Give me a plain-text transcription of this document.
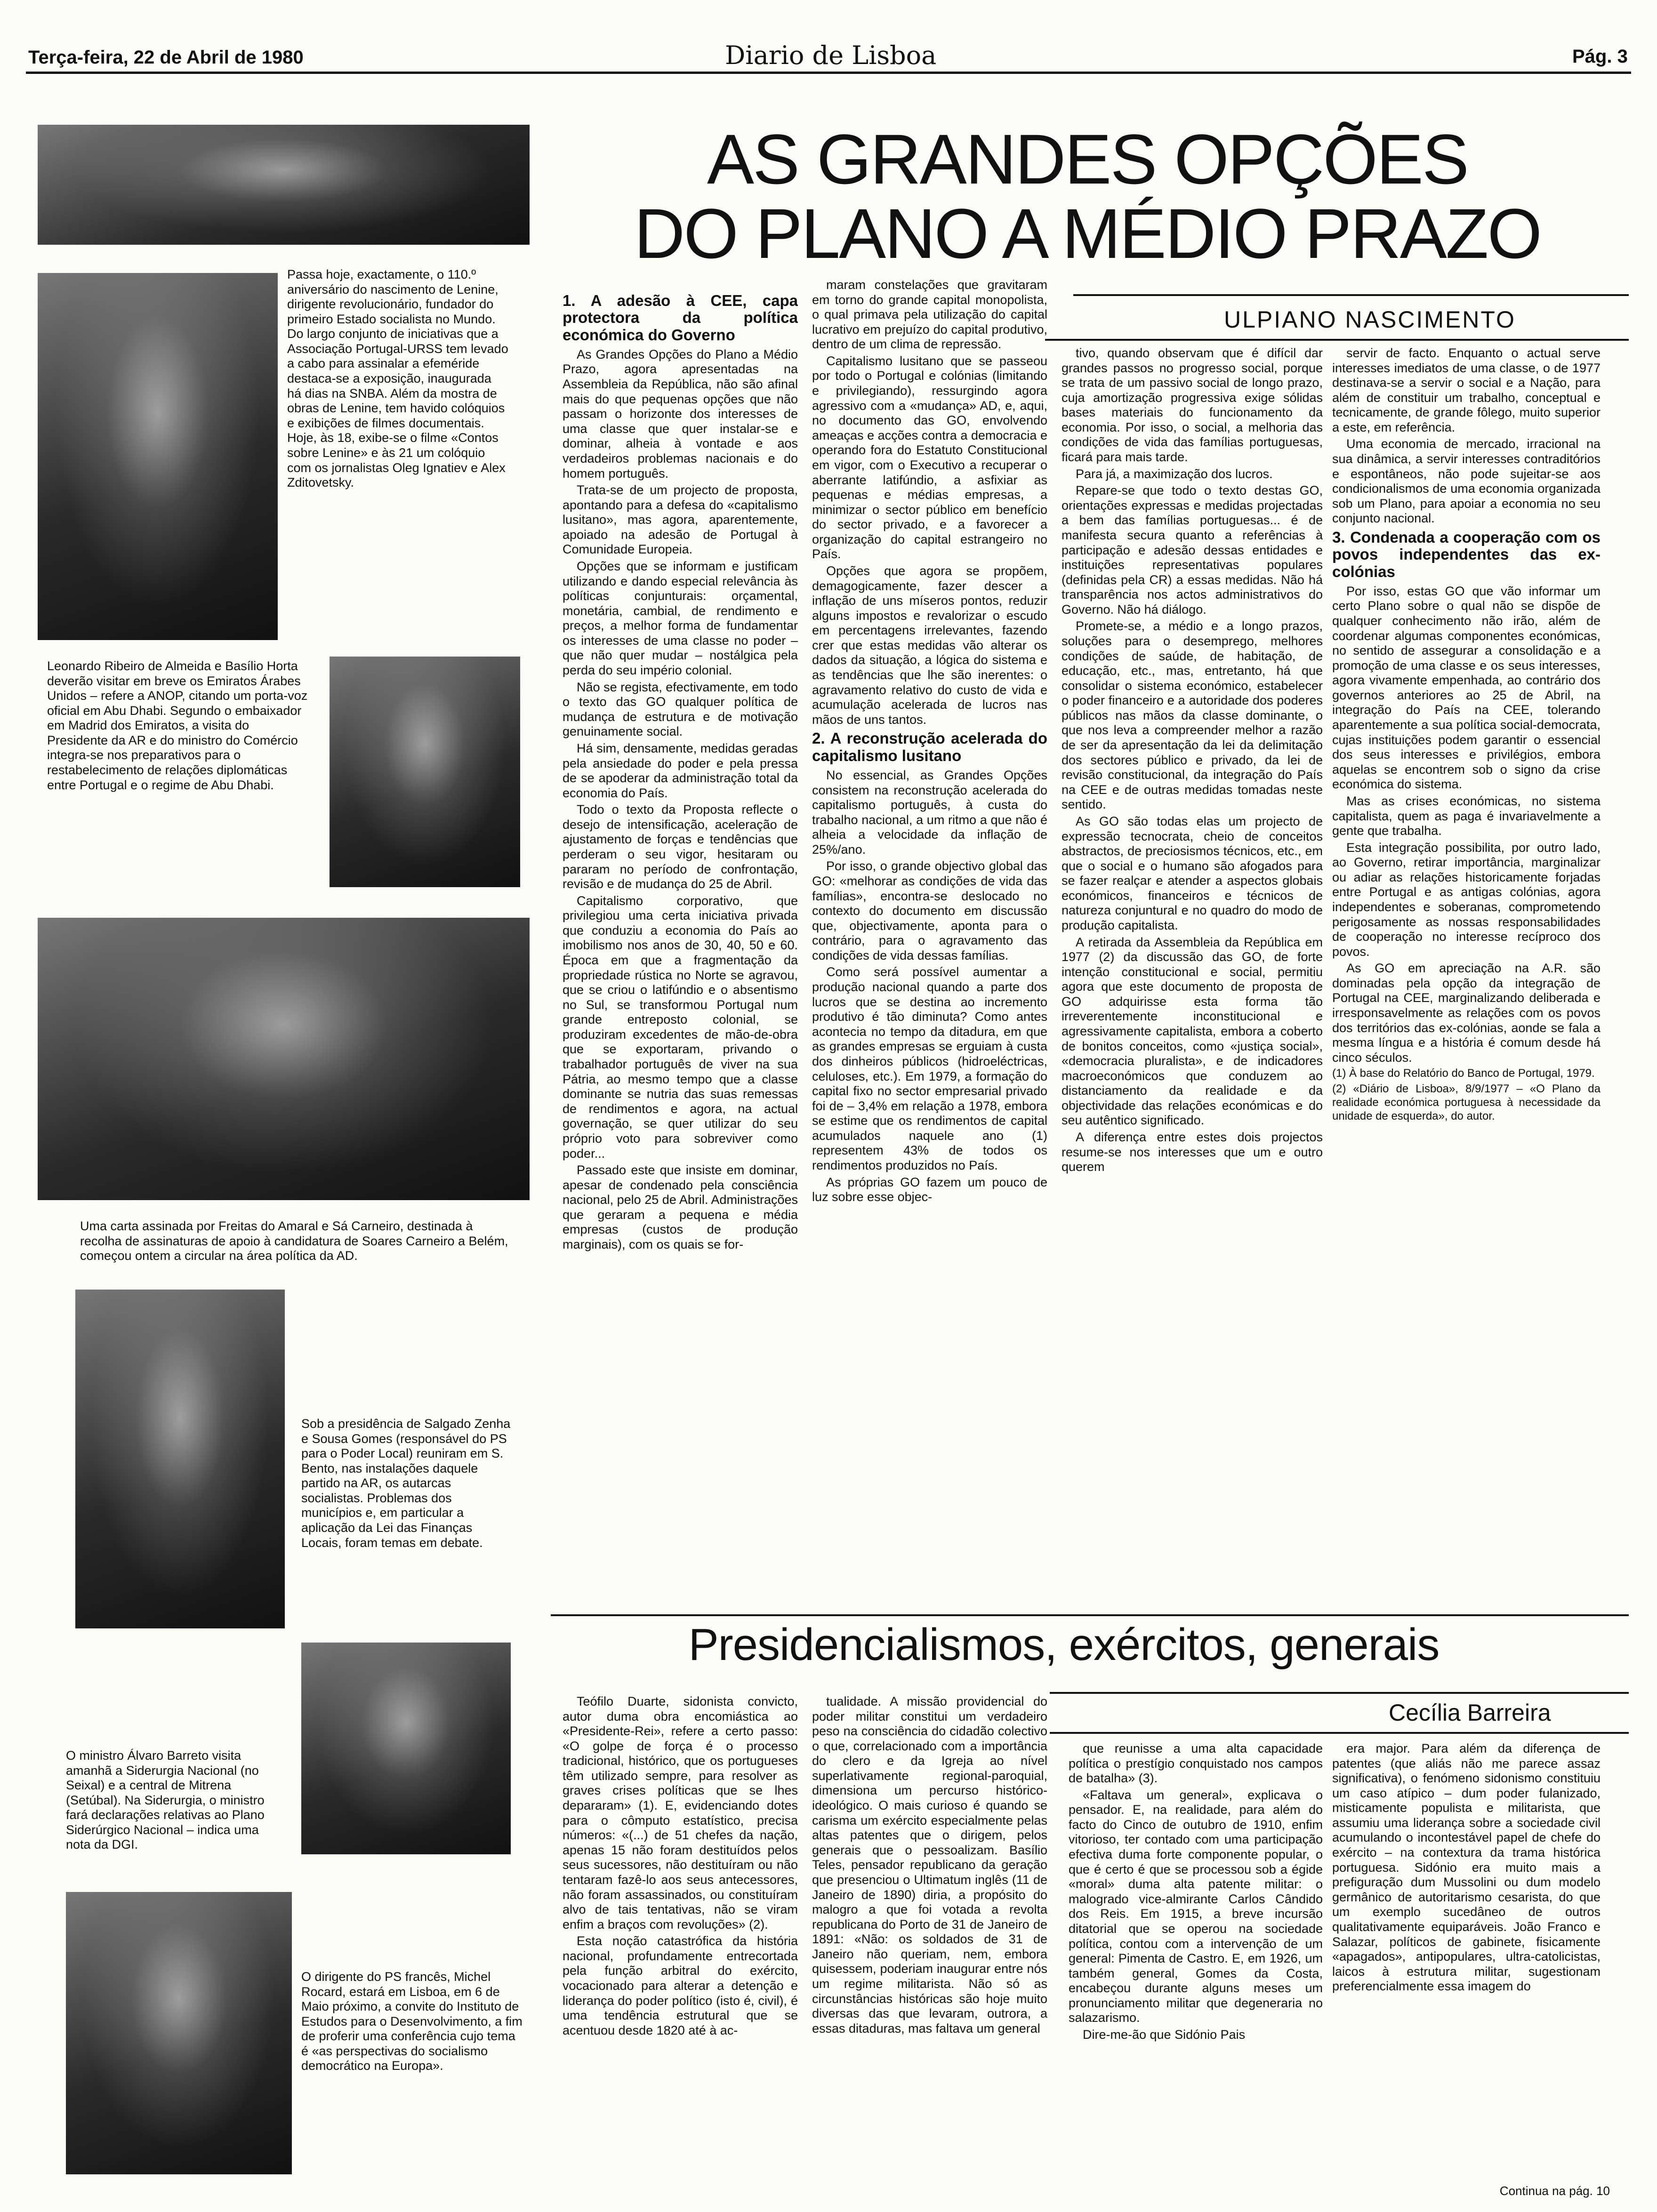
Terça-feira, 22 de Abril de 1980	Diario de Lisboa	Pág. 3
Passa hoje, exactamente, o 110.º aniversário do nascimento de Lenine, dirigente revolucionário, fundador do primeiro Estado socialista no Mundo. Do largo conjunto de iniciativas que a Associação Portugal-URSS tem levado a cabo para assinalar a efeméride destaca-se a exposição, inaugurada há dias na SNBA. Além da mostra de obras de Lenine, tem havido colóquios e exibições de filmes documentais. Hoje, às 18, exibe-se o filme «Contos sobre Lenine» e às 21 um colóquio com os jornalistas Oleg Ignatiev e Alex Zditovetsky.
Leonardo Ribeiro de Almeida e Basílio Horta deverão visitar em breve os Emiratos Árabes Unidos – refere a ANOP, citando um porta-voz oficial em Abu Dhabi. Segundo o embaixador em Madrid dos Emiratos, a visita do Presidente da AR e do ministro do Comércio integra-se nos preparativos para o restabelecimento de relações diplomáticas entre Portugal e o regime de Abu Dhabi.
Uma carta assinada por Freitas do Amaral e Sá Carneiro, destinada à recolha de assinaturas de apoio à candidatura de Soares Carneiro a Belém, começou ontem a circular na área política da AD.
Sob a presidência de Salgado Zenha e Sousa Gomes (responsável do PS para o Poder Local) reuniram em S. Bento, nas instalações daquele partido na AR, os autarcas socialistas. Problemas dos municípios e, em particular a aplicação da Lei das Finanças Locais, foram temas em debate.
O ministro Álvaro Barreto visita amanhã a Siderurgia Nacional (no Seixal) e a central de Mitrena (Setúbal). Na Siderurgia, o ministro fará declarações relativas ao Plano Siderúrgico Nacional – indica uma nota da DGI.
O dirigente do PS francês, Michel Rocard, estará em Lisboa, em 6 de Maio próximo, a convite do Instituto de Estudos para o Desenvolvimento, a fim de proferir uma conferência cujo tema é «as perspectivas do socialismo democrático na Europa».
AS GRANDES OPÇÕES
DO PLANO A MÉDIO PRAZO
ULPIANO NASCIMENTO
1. A adesão à CEE, capa protectora da política económica do Governo

As Grandes Opções do Plano a Médio Prazo, agora apresentadas na Assembleia da República, não são afinal mais do que pequenas opções que não passam o horizonte dos interesses de uma classe que quer instalar-se e dominar, alheia à vontade e aos verdadeiros problemas nacionais e do homem português.

Trata-se de um projecto de proposta, apontando para a defesa do «capitalismo lusitano», mas agora, aparentemente, apoiado na adesão de Portugal à Comunidade Europeia.

Opções que se informam e justificam utilizando e dando especial relevância às políticas conjunturais: orçamental, monetária, cambial, de rendimento e preços, a melhor forma de fundamentar os interesses de uma classe no poder – que não quer mudar – nostálgica pela perda do seu império colonial.

Não se regista, efectivamente, em todo o texto das GO qualquer política de mudança de estrutura e de motivação genuinamente social.

Há sim, densamente, medidas geradas pela ansiedade do poder e pela pressa de se apoderar da administração total da economia do País.

Todo o texto da Proposta reflecte o desejo de intensificação, aceleração de ajustamento de forças e tendências que perderam o seu vigor, hesitaram ou pararam no período de confrontação, revisão e de mudança do 25 de Abril.

Capitalismo corporativo, que privilegiou uma certa iniciativa privada que conduziu a economia do País ao imobilismo nos anos de 30, 40, 50 e 60. Época em que a fragmentação da propriedade rústica no Norte se agravou, que se criou o latifúndio e o absentismo no Sul, se transformou Portugal num grande entreposto colonial, se produziram excedentes de mão-de-obra que se exportaram, privando o trabalhador português de viver na sua Pátria, ao mesmo tempo que a classe dominante se nutria das suas remessas de rendimentos e agora, na actual governação, se quer utilizar do seu próprio voto para sobreviver como poder...

Passado este que insiste em dominar, apesar de condenado pela consciência nacional, pelo 25 de Abril. Administrações que geraram a pequena e média empresas (custos de produção marginais), com os quais se for-

maram constelações que gravitaram em torno do grande capital monopolista, o qual primava pela utilização do capital lucrativo em prejuízo do capital produtivo, dentro de um clima de repressão.

Capitalismo lusitano que se passeou por todo o Portugal e colónias (limitando e privilegiando), ressurgindo agora agressivo com a «mudança» AD, e, aqui, no documento das GO, envolvendo ameaças e acções contra a democracia e operando fora do Estatuto Constitucional em vigor, com o Executivo a recuperar o aberrante latifúndio, a asfixiar as pequenas e médias empresas, a minimizar o sector público em benefício do sector privado, e a favorecer a organização do capital estrangeiro no País.

Opções que agora se propõem, demagogicamente, fazer descer a inflação de uns míseros pontos, reduzir alguns impostos e revalorizar o escudo em percentagens irrelevantes, fazendo crer que estas medidas vão alterar os dados da situação, a lógica do sistema e as tendências que lhe são inerentes: o agravamento relativo do custo de vida e acumulação acelerada de lucros nas mãos de uns tantos.

2. A reconstrução acelerada do capitalismo lusitano

No essencial, as Grandes Opções consistem na reconstrução acelerada do capitalismo português, à custa do trabalho nacional, a um ritmo a que não é alheia a velocidade da inflação de 25%/ano.

Por isso, o grande objectivo global das GO: «melhorar as condições de vida das famílias», encontra-se deslocado no contexto do documento em discussão que, objectivamente, aponta para o contrário, para o agravamento das condições de vida dessas famílias.

Como será possível aumentar a produção nacional quando a parte dos lucros que se destina ao incremento produtivo é tão diminuta? Como antes acontecia no tempo da ditadura, em que as grandes empresas se erguiam à custa dos dinheiros públicos (hidroeléctricas, celuloses, etc.). Em 1979, a formação do capital fixo no sector empresarial privado foi de – 3,4% em relação a 1978, embora se estime que os rendimentos de capital acumulados naquele ano (1) representem 43% de todos os rendimentos produzidos no País.

As próprias GO fazem um pouco de luz sobre esse objec-

tivo, quando observam que é difícil dar grandes passos no progresso social, porque se trata de um passivo social de longo prazo, cuja amortização progressiva exige sólidas bases materiais do funcionamento da economia. Por isso, o social, a melhoria das condições de vida das famílias portuguesas, ficará para mais tarde.

Para já, a maximização dos lucros.

Repare-se que todo o texto destas GO, orientações expressas e medidas projectadas a bem das famílias portuguesas... é de manifesta secura quanto a referências à participação e adesão dessas entidades e instituições representativas populares (definidas pela CR) a essas medidas. Não há transparência nos actos administrativos do Governo. Não há diálogo.

Promete-se, a médio e a longo prazos, soluções para o desemprego, melhores condições de saúde, de habitação, de educação, etc., mas, entretanto, há que consolidar o sistema económico, estabelecer o poder financeiro e a autoridade dos poderes públicos nas mãos da classe dominante, o que nos leva a compreender melhor a razão de ser da apresentação da lei da delimitação dos sectores público e privado, da lei de revisão constitucional, da integração do País na CEE e de outras medidas tomadas neste sentido.

As GO são todas elas um projecto de expressão tecnocrata, cheio de conceitos abstractos, de preciosismos técnicos, etc., em que o social e o humano são afogados para se fazer realçar e atender a aspectos globais económicos, financeiros e técnicos de natureza conjuntural e no quadro do modo de produção capitalista.

A retirada da Assembleia da República em 1977 (2) da discussão das GO, de forte intenção constitucional e social, permitiu agora que este documento de proposta de GO adquirisse esta forma tão irreverentemente inconstitucional e agressivamente capitalista, embora a coberto de bonitos conceitos, como «justiça social», «democracia pluralista», e de indicadores macroeconómicos que conduzem ao distanciamento da realidade e da objectividade das relações económicas e do seu autêntico significado.

A diferença entre estes dois projectos resume-se nos interesses que um e outro querem

servir de facto. Enquanto o actual serve interesses imediatos de uma classe, o de 1977 destinava-se a servir o social e a Nação, para além de constituir um trabalho, conceptual e tecnicamente, de grande fôlego, muito superior a este, em referência.

Uma economia de mercado, irracional na sua dinâmica, a servir interesses contraditórios e espontâneos, não pode sujeitar-se aos condicionalismos de uma economia organizada sob um Plano, para apoiar a economia no seu conjunto nacional.

3. Condenada a cooperação com os povos independentes das ex-colónias

Por isso, estas GO que vão informar um certo Plano sobre o qual não se dispõe de qualquer conhecimento não irão, além de coordenar algumas componentes económicas, no sentido de assegurar a consolidação e a promoção de uma classe e os seus interesses, agora vivamente empenhada, ao contrário dos governos anteriores ao 25 de Abril, na integração do País na CEE, tolerando aparentemente a sua política social-democrata, cujas instituições podem garantir o essencial dos seus interesses e privilégios, embora aquelas se encontrem sob o signo da crise económica do sistema.

Mas as crises económicas, no sistema capitalista, quem as paga é invariavelmente a gente que trabalha.

Esta integração possibilita, por outro lado, ao Governo, retirar importância, marginalizar ou adiar as relações historicamente forjadas entre Portugal e as antigas colónias, agora independentes e soberanas, comprometendo perigosamente as nossas responsabilidades de cooperação no interesse recíproco dos povos.

As GO em apreciação na A.R. são dominadas pela opção da integração de Portugal na CEE, marginalizando deliberada e irresponsavelmente as relações com os povos dos territórios das ex-colónias, aonde se fala a mesma língua e a história é comum desde há cinco séculos.

(1) À base do Relatório do Banco de Portugal, 1979.

(2) «Diário de Lisboa», 8/9/1977 – «O Plano da realidade económica portuguesa à necessidade da unidade de esquerda», do autor.

Presidencialismos, exércitos, generais
Cecília Barreira

Teófilo Duarte, sidonista convicto, autor duma obra encomiástica ao «Presidente-Rei», refere a certo passo: «O golpe de força é o processo tradicional, histórico, que os portugueses têm utilizado sempre, para resolver as graves crises políticas que se lhes depararam» (1). E, evidenciando dotes para o cômputo estatístico, precisa números: «(...) de 51 chefes da nação, apenas 15 não foram destituídos pelos seus sucessores, não destituíram ou não tentaram fazê-lo aos seus antecessores, não foram assassinados, ou constituíram alvo de tais tentativas, não se viram enfim a braços com revoluções» (2).

Esta noção catastrófica da história nacional, profundamente entrecortada pela função arbitral do exército, vocacionado para alterar a detenção e liderança do poder político (isto é, civil), é uma tendência estrutural que se acentuou desde 1820 até à ac-

tualidade. A missão providencial do poder militar constitui um verdadeiro peso na consciência do cidadão colectivo o que, correlacionado com a importância do clero e da Igreja ao nível superlativamente regional-paroquial, dimensiona um percurso histórico-ideológico. O mais curioso é quando se carisma um exército especialmente pelas altas patentes que o dirigem, pelos generais que o pessoalizam. Basílio Teles, pensador republicano da geração que presenciou o Ultimatum inglês (11 de Janeiro de 1890) diria, a propósito do malogro a que foi votada a revolta republicana do Porto de 31 de Janeiro de 1891: «Não: os soldados de 31 de Janeiro não queriam, nem, embora quisessem, poderiam inaugurar entre nós um regime militarista. Não só as circunstâncias históricas são hoje muito diversas das que levaram, outrora, a essas ditaduras, mas faltava um general

que reunisse a uma alta capacidade política o prestígio conquistado nos campos de batalha» (3).

«Faltava um general», explicava o pensador. E, na realidade, para além do facto do Cinco de outubro de 1910, enfim vitorioso, ter contado com uma participação efectiva duma forte componente popular, o que é certo é que se processou sob a égide «moral» duma alta patente militar: o malogrado vice-almirante Carlos Cândido dos Reis. Em 1915, a breve incursão ditatorial que se operou na sociedade política, contou com a intervenção de um general: Pimenta de Castro. E, em 1926, um também general, Gomes da Costa, encabeçou durante alguns meses um pronunciamento militar que degeneraria no salazarismo.

Dire-me-ão que Sidónio Pais

era major. Para além da diferença de patentes (que aliás não me parece assaz significativa), o fenómeno sidonismo constituiu um caso atípico – dum poder fulanizado, misticamente populista e militarista, que assumiu uma liderança sobre a sociedade civil acumulando o incontestável papel de chefe do exército – na contextura da trama histórica portuguesa. Sidónio era muito mais a prefiguração dum Mussolini ou dum modelo germânico de autoritarismo cesarista, do que um exemplo sucedâneo de outros qualitativamente equiparáveis. João Franco e Salazar, políticos de gabinete, fisicamente «apagados», antipopulares, ultra-catolicistas, laicos à estrutura militar, sugestionam preferencialmente essa imagem do

Continua na pág. 10
